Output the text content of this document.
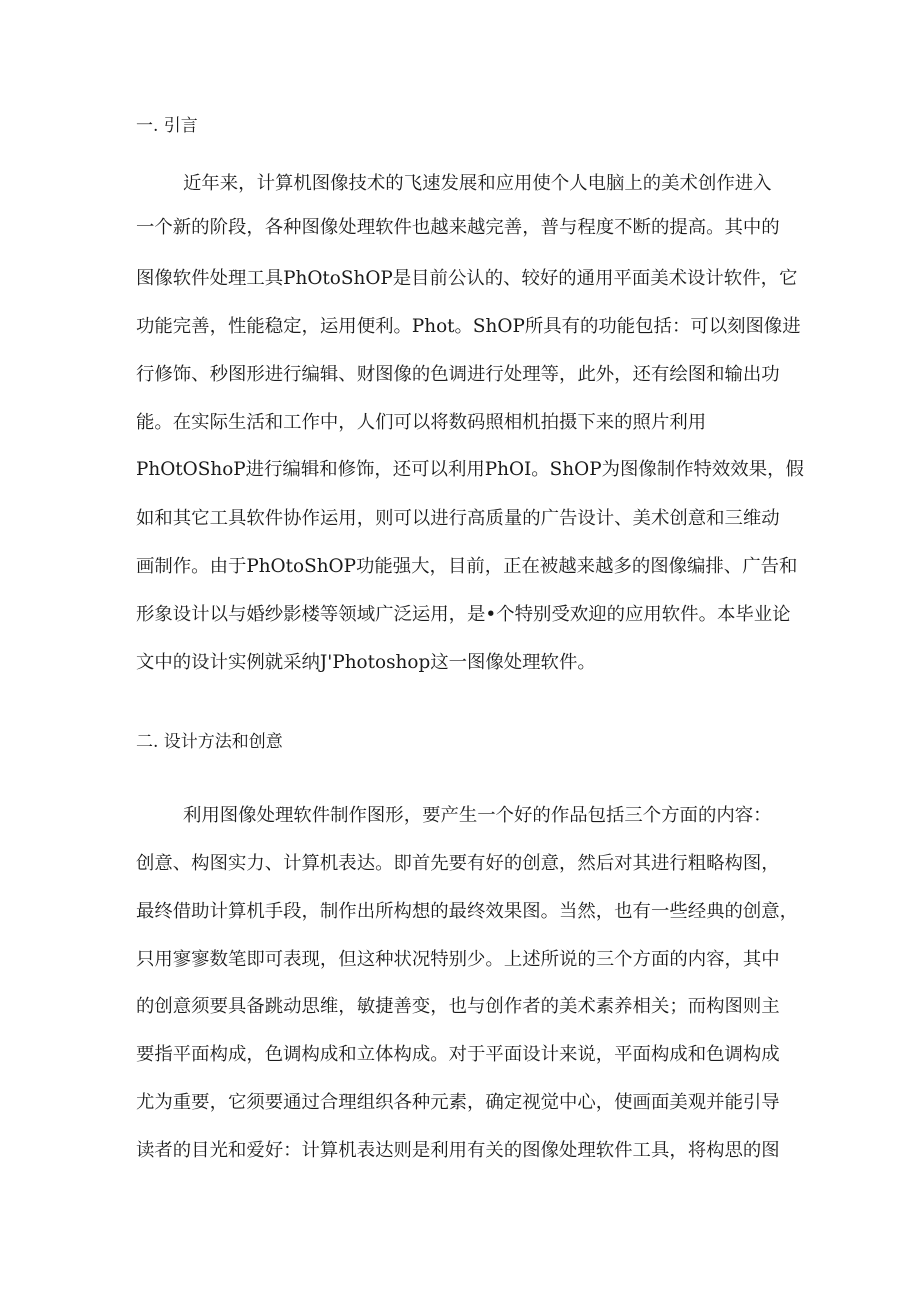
一. 引言
近年来，计算机图像技术的飞速发展和应用使个人电脑上的美术创作进入
一个新的阶段，各种图像处理软件也越来越完善，普与程度不断的提高。其中的
图像软件处理工具PhOtoShOP是目前公认的、较好的通用平面美术设计软件，它
功能完善，性能稳定，运用便利。Phot。ShOP所具有的功能包括：可以刻图像进
行修饰、秒图形进行编辑、财图像的色调进行处理等，此外，还有绘图和输出功
能。在实际生活和工作中，人们可以将数码照相机拍摄下来的照片利用
PhOtOShoP进行编辑和修饰，还可以利用PhOI。ShOP为图像制作特效效果，假
如和其它工具软件协作运用，则可以进行高质量的广告设计、美术创意和三维动
画制作。由于PhOtoShOP功能强大，目前，正在被越来越多的图像编排、广告和
形象设计以与婚纱影楼等领域广泛运用，是•个特别受欢迎的应用软件。本毕业论
文中的设计实例就采纳J'Photoshop这一图像处理软件。
二. 设计方法和创意
利用图像处理软件制作图形，要产生一个好的作品包括三个方面的内容：
创意、构图实力、计算机表达。即首先要有好的创意，然后对其进行粗略构图，
最终借助计算机手段，制作出所构想的最终效果图。当然，也有一些经典的创意，
只用寥寥数笔即可表现，但这种状况特别少。上述所说的三个方面的内容，其中
的创意须要具备跳动思维，敏捷善变，也与创作者的美术素养相关；而构图则主
要指平面构成，色调构成和立体构成。对于平面设计来说，平面构成和色调构成
尤为重要，它须要通过合理组织各种元素，确定视觉中心，使画面美观并能引导
读者的目光和爱好：计算机表达则是利用有关的图像处理软件工具，将构思的图
